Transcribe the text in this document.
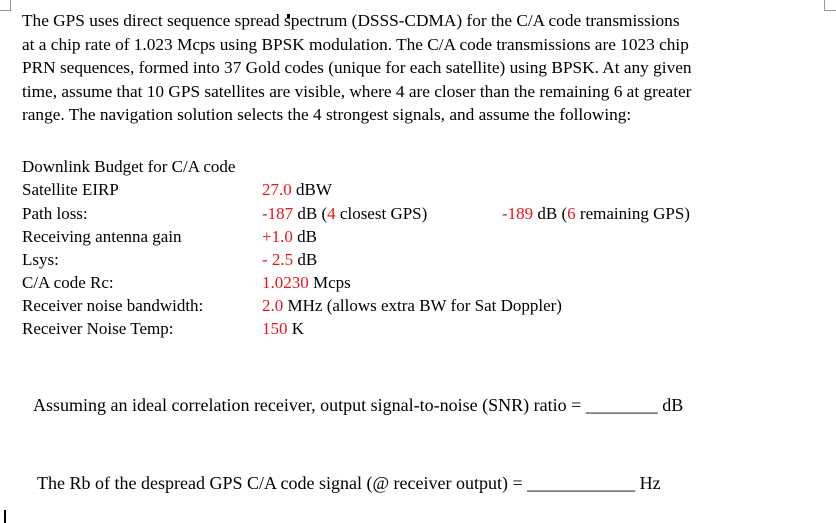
The GPS uses direct sequence spread spectrum (DSSS-CDMA) for the C/A code transmissions
at a chip rate of 1.023 Mcps using BPSK modulation. The C/A code transmissions are 1023 chip
PRN sequences, formed into 37 Gold codes (unique for each satellite) using BPSK. At any given
time, assume that 10 GPS satellites are visible, where 4 are closer than the remaining 6 at greater
range. The navigation solution selects the 4 strongest signals, and assume the following:
Downlink Budget for C/A code
Satellite EIRP	27.0 dBW
Path loss:	-187 dB (4 closest GPS)	-189 dB (6 remaining GPS)
Receiving antenna gain	+1.0 dB
Lsys:	- 2.5 dB
C/A code Rc:	1.0230 Mcps
Receiver noise bandwidth:	2.0 MHz (allows extra BW for Sat Doppler)
Receiver Noise Temp:	150 K
Assuming an ideal correlation receiver, output signal-to-noise (SNR) ratio = ________ dB
The Rb of the despread GPS C/A code signal (@ receiver output) = ____________ Hz
